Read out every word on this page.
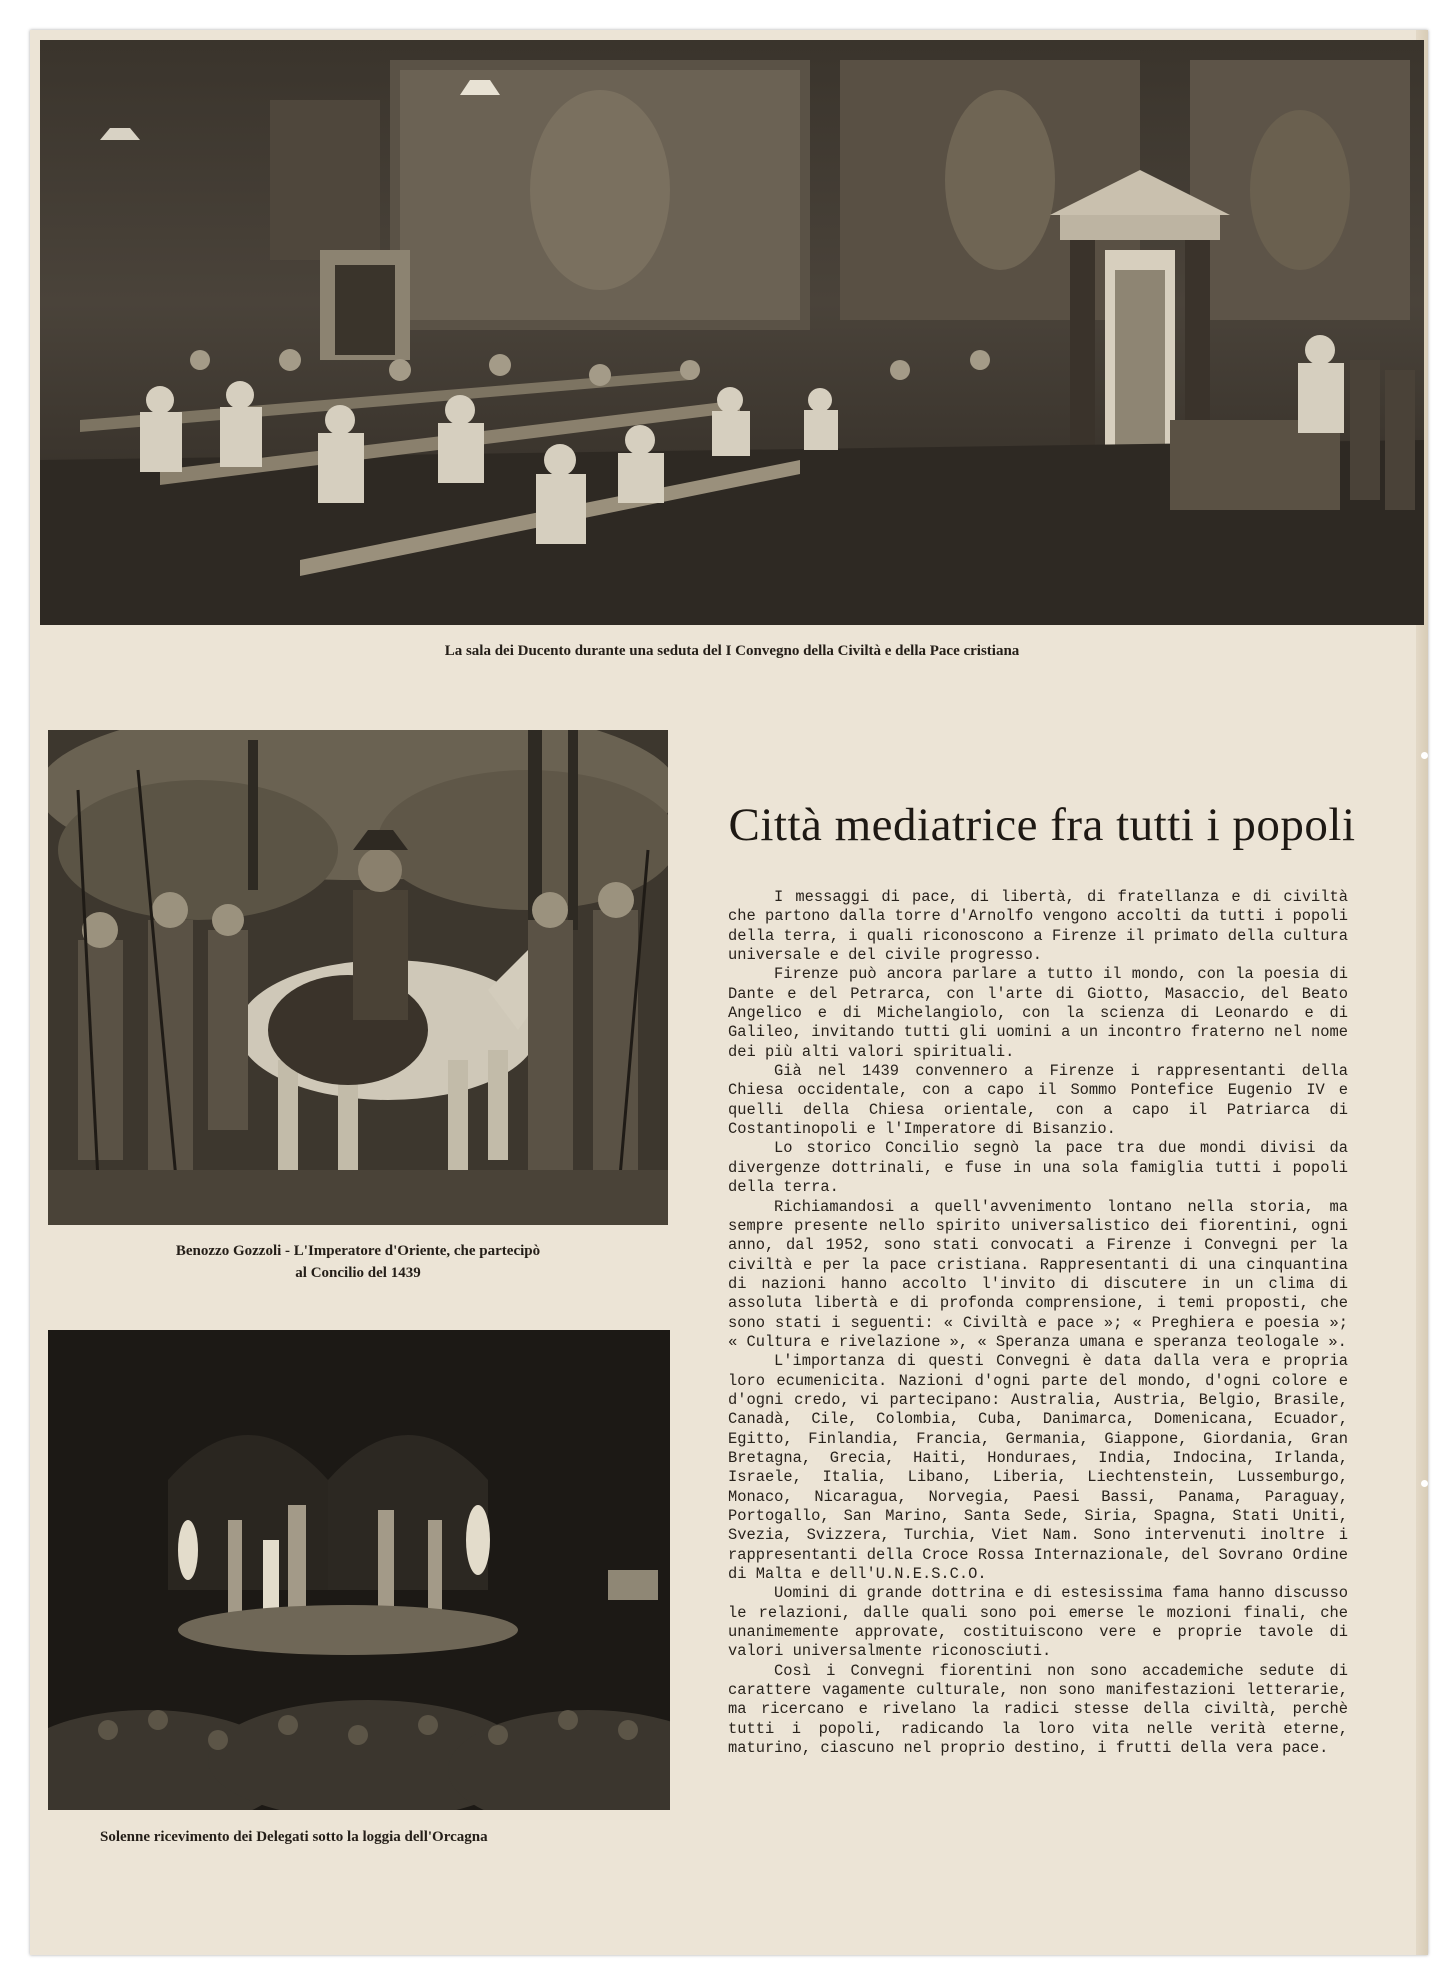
La sala dei Ducento durante una seduta del I Convegno della Civiltà e della Pace cristiana
Benozzo Gozzoli - L'Imperatore d'Oriente, che partecipò
al Concilio del 1439
Solenne ricevimento dei Delegati sotto la loggia dell'Orcagna
Città mediatrice fra tutti i popoli

I messaggi di pace, di libertà, di fratellanza e di civiltà che partono dalla torre d'Arnolfo vengono accolti da tutti i popoli della terra, i quali riconoscono a Firenze il primato della cultura universale e del civile progresso.

Firenze può ancora parlare a tutto il mondo, con la poesia di Dante e del Petrarca, con l'arte di Giotto, Masaccio, del Beato Angelico e di Michelangiolo, con la scienza di Leonardo e di Galileo, invitando tutti gli uomini a un incontro fraterno nel nome dei più alti valori spirituali.

Già nel 1439 convennero a Firenze i rappresentanti della Chiesa occidentale, con a capo il Sommo Pontefice Eugenio IV e quelli della Chiesa orientale, con a capo il Patriarca di Costantinopoli e l'Imperatore di Bisanzio.

Lo storico Concilio segnò la pace tra due mondi divisi da divergenze dottrinali, e fuse in una sola famiglia tutti i popoli della terra.

Richiamandosi a quell'avvenimento lontano nella storia, ma sempre presente nello spirito universalistico dei fiorentini, ogni anno, dal 1952, sono stati convocati a Firenze i Convegni per la civiltà e per la pace cristiana. Rappresentanti di una cinquantina di nazioni hanno accolto l'invito di discutere in un clima di assoluta libertà e di profonda comprensione, i temi proposti, che sono stati i seguenti: « Civiltà e pace »; « Preghiera e poesia »; « Cultura e rivelazione », « Speranza umana e speranza teologale ».

L'importanza di questi Convegni è data dalla vera e propria loro ecumenicita. Nazioni d'ogni parte del mondo, d'ogni colore e d'ogni credo, vi partecipano: Australia, Austria, Belgio, Brasile, Canadà, Cile, Colombia, Cuba, Danimarca, Domenicana, Ecuador, Egitto, Finlandia, Francia, Germania, Giappone, Giordania, Gran Bretagna, Grecia, Haiti, Honduraes, India, Indocina, Irlanda, Israele, Italia, Libano, Liberia, Liechtenstein, Lussemburgo, Monaco, Nicaragua, Norvegia, Paesi Bassi, Panama, Paraguay, Portogallo, San Marino, Santa Sede, Siria, Spagna, Stati Uniti, Svezia, Svizzera, Turchia, Viet Nam. Sono intervenuti inoltre i rappresentanti della Croce Rossa Internazionale, del Sovrano Ordine di Malta e dell'U.N.E.S.C.O.

Uomini di grande dottrina e di estesissima fama hanno discusso le relazioni, dalle quali sono poi emerse le mozioni finali, che unanimemente approvate, costituiscono vere e proprie tavole di valori universalmente riconosciuti.

Così i Convegni fiorentini non sono accademiche sedute di carattere vagamente culturale, non sono manifestazioni letterarie, ma ricercano e rivelano la radici stesse della civiltà, perchè tutti i popoli, radicando la loro vita nelle verità eterne, maturino, ciascuno nel proprio destino, i frutti della vera pace.
